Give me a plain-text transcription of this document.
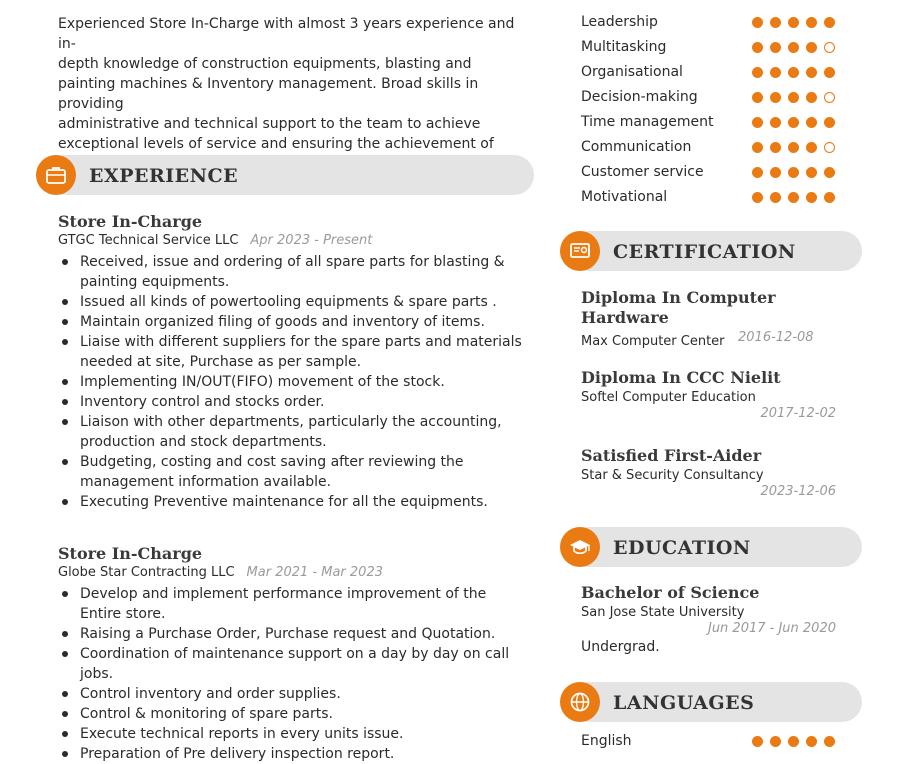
Experienced Store In-Charge with almost 3 years experience and in-
depth knowledge of construction equipments, blasting and
painting machines & Inventory management. Broad skills in providing
administrative and technical support to the team to achieve
exceptional levels of service and ensuring the achievement of

EXPERIENCE
Store In-Charge
GTGC Technical Service LLC Apr 2023 - Present
Received, issue and ordering of all spare parts for blasting & painting equipments.
Issued all kinds of powertooling equipments & spare parts .
Maintain organized filing of goods and inventory of items.
Liaise with different suppliers for the spare parts and materials needed at site, Purchase as per sample.
Implementing IN/OUT(FIFO) movement of the stock.
Inventory control and stocks order.
Liaison with other departments, particularly the accounting, production and stock departments.
Budgeting, costing and cost saving after reviewing the management information available.
Executing Preventive maintenance for all the equipments.
Store In-Charge
Globe Star Contracting LLC Mar 2021 - Mar 2023
Develop and implement performance improvement of the Entire store.
Raising a Purchase Order, Purchase request and Quotation.
Coordination of maintenance support on a day by day on call jobs.
Control inventory and order supplies.
Control & monitoring of spare parts.
Execute technical reports in every units issue.
Preparation of Pre delivery inspection report.
Leadership
Multitasking
Organisational
Decision-making
Time management
Communication
Customer service
Motivational
CERTIFICATION
Diploma In Computer
Hardware
Max Computer Center 2016-12-08
Diploma In CCC Nielit
Softel Computer Education
2017-12-02
Satisfied First-Aider
Star & Security Consultancy
2023-12-06
EDUCATION
Bachelor of Science
San Jose State University
Jun 2017 - Jun 2020
Undergrad.
LANGUAGES
English
